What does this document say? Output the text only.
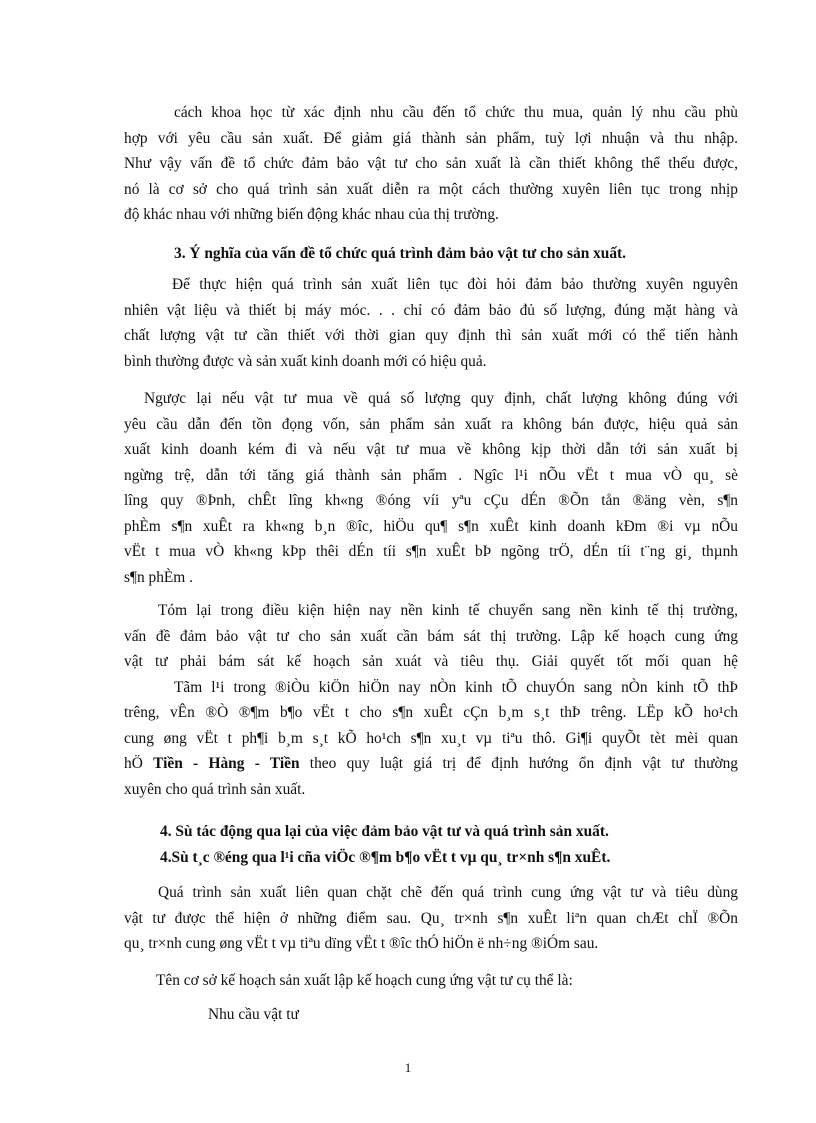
cách khoa học từ xác định nhu cầu đến tổ chức thu mua, quản lý nhu cầu phù
hợp với yêu cầu sản xuất. Để giảm giá thành sản phẩm, tuỳ lợi nhuận và thu nhập.
Như vậy vấn đề tổ chức đảm bảo vật tư cho sản xuất là cần thiết không thể thếu được,
nó là cơ sở cho quá trình sản xuất diễn ra một cách thường xuyên liên tục trong nhịp
độ khác nhau với những biến động khác nhau của thị trường.
3. Ý nghĩa của vấn đề tổ chức quá trình đảm bảo vật tư cho sản xuất.
Để thực hiện quá trình sản xuất liên tục đòi hỏi đảm bảo thường xuyên nguyên
nhiên vật liệu và thiết bị máy móc. . . chỉ có đảm bảo đủ số lượng, đúng mặt hàng và
chất lượng vật tư cần thiết với thời gian quy định thì sản xuất mới có thể tiến hành
bình thường được và sản xuất kinh doanh mới có hiệu quả.
Ngược lại nếu vật tư mua về quá số lượng quy định, chất lượng không đúng với
yêu cầu dẫn đến tồn đọng vốn, sản phẩm sản xuất ra không bán được, hiệu quả sản
xuất kinh doanh kém đi và nếu vật tư mua về không kịp thời dẫn tới sản xuất bị
ngừng trệ, dẫn tới tăng giá thành sản phẩm . Ngîc l¹i nÕu vËt t mua vÒ qu¸ sè
lîng quy ®Þnh, chÊt lîng kh«ng ®óng víi yªu cÇu dÉn ®Õn tån ®äng vèn, s¶n
phÈm s¶n xuÊt ra kh«ng b¸n ®îc, hiÖu qu¶ s¶n xuÊt kinh doanh kÐm ®i vµ nÕu
vËt t mua vÒ kh«ng kÞp thêi dÉn tíi s¶n xuÊt bÞ ngõng trÖ, dÉn tíi t¨ng gi¸ thµnh
s¶n phÈm .
Tóm lại trong điều kiện hiện nay nền kinh tế chuyển sang nền kinh tế thị trường,
vấn đề đảm bảo vật tư cho sản xuất cần bám sát thị trường. Lập kế hoạch cung ứng
vật tư phải bám sát kế hoạch sản xuát và tiêu thụ. Giải quyết tốt mối quan hệ
Tãm l¹i trong ®iÒu kiÖn hiÖn nay nÒn kinh tÕ chuyÓn sang nÒn kinh tÕ thÞ
trêng, vÊn ®Ò ®¶m b¶o vËt t cho s¶n xuÊt cÇn b¸m s¸t thÞ trêng. LËp kÕ ho¹ch
cung øng vËt t ph¶i b¸m s¸t kÕ ho¹ch s¶n xu¸t vµ tiªu thô. Gi¶i quyÕt tèt mèi quan
hÖ Tiền - Hàng - Tiền theo quy luật giá trị để định hướng ổn định vật tư thường
xuyên cho quá trình sản xuất.
4. Sù tác động qua lại của việc đảm bảo vật tư và quá trình sản xuất.
4.Sù t¸c ®éng qua l¹i cña viÖc ®¶m b¶o vËt t vµ qu¸ tr×nh s¶n xuÊt.
Quá trình sản xuất liên quan chặt chẽ đến quá trình cung ứng vật tư và tiêu dùng
vật tư được thể hiện ở những điểm sau. Qu¸ tr×nh s¶n xuÊt liªn quan chÆt chÏ ®Õn
qu¸ tr×nh cung øng vËt t vµ tiªu dïng vËt t ®îc thÓ hiÖn ë nh÷ng ®iÓm sau.
Tên cơ sở kế hoạch sản xuất lập kế hoạch cung ứng vật tư cụ thể là:
Nhu cầu vật tư
1
